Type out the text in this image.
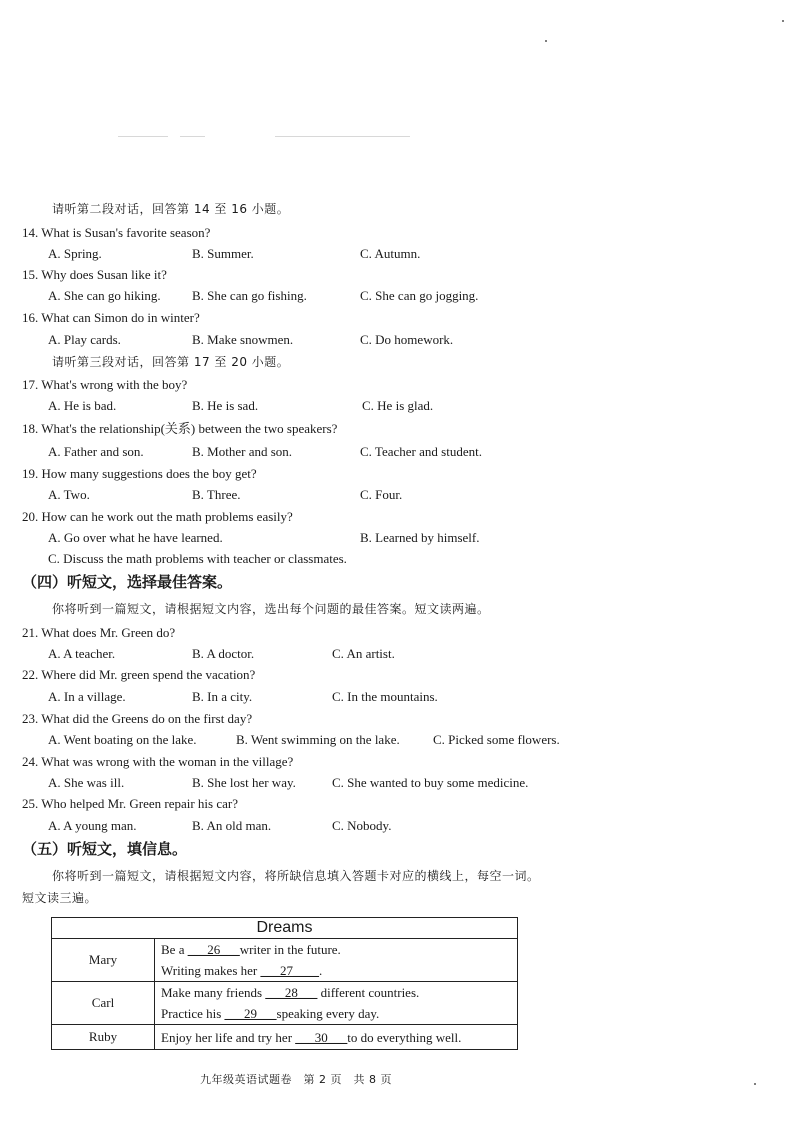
请听第二段对话，回答第 14 至 16 小题。
14. What is Susan's favorite season?
A. Spring.	B. Summer.	C. Autumn.
15. Why does Susan like it?
A. She can go hiking. B. She can go fishing.	C. She can go jogging.
16. What can Simon do in winter?
A. Play cards.	B. Make snowmen.	C. Do homework.
请听第三段对话，回答第 17 至 20 小题。
17. What's wrong with the boy?
A. He is bad.	B. He is sad.	C. He is glad.
18. What's the relationship(关系) between the two speakers?
A. Father and son.	B. Mother and son.	C. Teacher and student.
19. How many suggestions does the boy get?
A. Two.	B. Three.	C. Four.
20. How can he work out the math problems easily?
A. Go over what he have learned.	B. Learned by himself.
C. Discuss the math problems with teacher or classmates.
（四）听短文，选择最佳答案。
你将听到一篇短文，请根据短文内容，选出每个问题的最佳答案。短文读两遍。
21. What does Mr. Green do?
A. A teacher.	B. A doctor.	C. An artist.
22. Where did Mr. green spend the vacation?
A. In a village.	B. In a city.	C. In the mountains.
23. What did the Greens do on the first day?
A. Went boating on the lake.	B. Went swimming on the lake.	C. Picked some flowers.
24. What was wrong with the woman in the village?
A. She was ill.	B. She lost her way.	C. She wanted to buy some medicine.
25. Who helped Mr. Green repair his car?
A. A young man.	B. An old man.	C. Nobody.
（五）听短文，填信息。
你将听到一篇短文，请根据短文内容，将所缺信息填入答题卡对应的横线上，每空一词。
短文读三遍。
Dreams	
Mary	Be a ___26___writer in the future.
Writing makes her ___27____.

Carl	Make many friends ___28___ different countries.
Practice his ___29___speaking every day.

Ruby	Enjoy her life and try her ___30___to do everything well.
九年级英语试题卷　第 2 页　共 8 页
